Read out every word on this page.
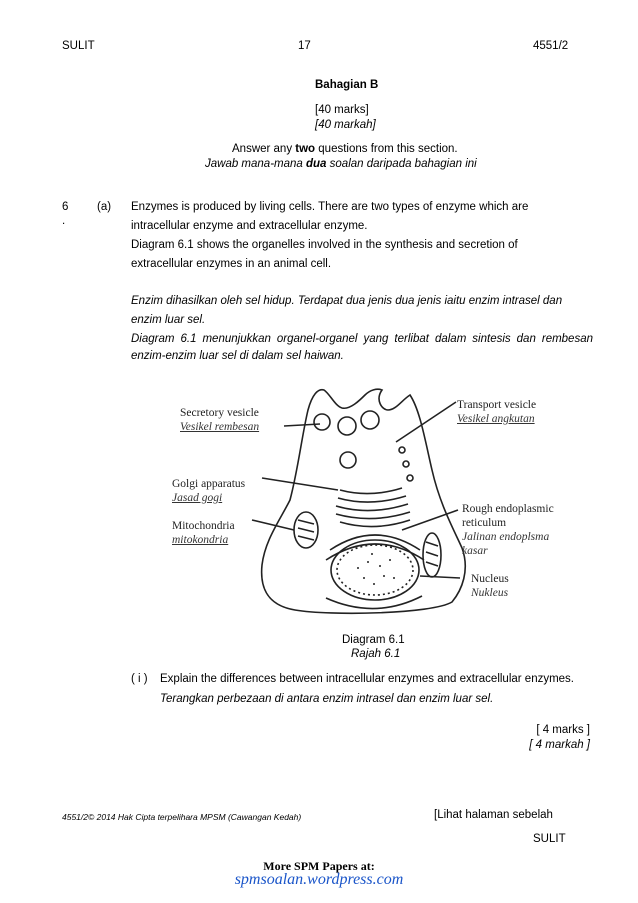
SULIT	17	4551/2
Bahagian B
[40 marks]
[40 markah]
Answer any two questions from this section.
Jawab mana-mana dua soalan daripada bahagian ini
6
.
(a) Enzymes is produced by living cells. There are two types of enzyme which are
intracellular enzyme and extracellular enzyme.
Diagram 6.1 shows the organelles involved in the synthesis and secretion of
extracellular enzymes in an animal cell.
Enzim dihasilkan oleh sel hidup. Terdapat dua jenis dua jenis iaitu enzim intrasel dan
enzim luar sel.
Diagram 6.1 menunjukkan organel-organel yang terlibat dalam sintesis dan rembesan
enzim-enzim luar sel di dalam sel haiwan.
Secretory vesicle
Vesikel rembesan
Golgi apparatus
Jasad gogi
Mitochondria
mitokondria
Transport vesicle
Vesikel angkutan
Rough endoplasmic
reticulum
Jalinan endoplsma
kasar
Nucleus
Nukleus
Diagram 6.1
Rajah 6.1
( i ) Explain the differences between intracellular enzymes and extracellular enzymes.
Terangkan perbezaan di antara enzim intrasel dan enzim luar sel.
[ 4 marks ]
[ 4 markah ]
4551/2© 2014 Hak Cipta terpelihara MPSM (Cawangan Kedah)	[Lihat halaman sebelah
SULIT
More SPM Papers at:
spmsoalan.wordpress.com
